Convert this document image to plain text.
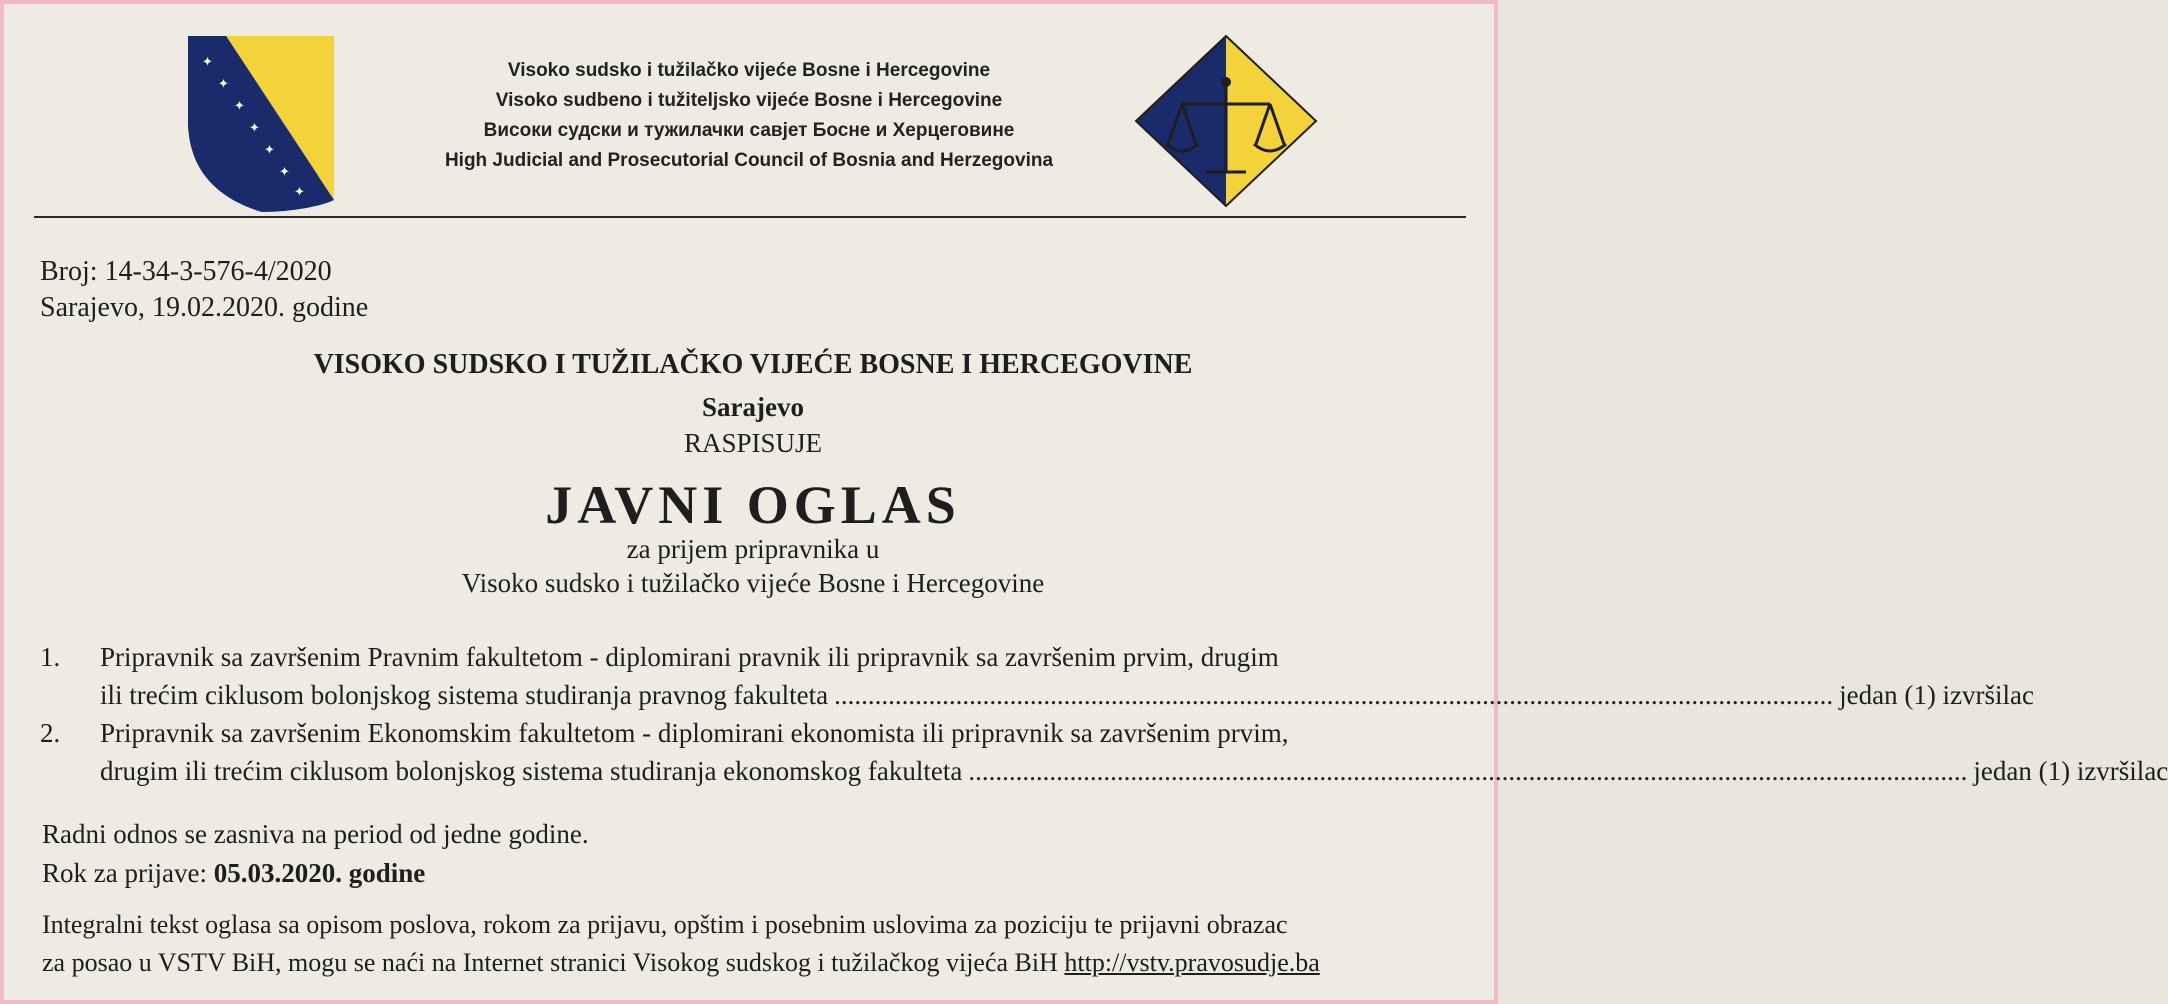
✦
✦
✦
✦
✦
✦
✦
Visoko sudsko i tužilačko vijeće Bosne i Hercegovine
Visoko sudbeno i tužiteljsko vijeće Bosne i Hercegovine
Високи судски и тужилачки савјет Босне и Херцеговине
High Judicial and Prosecutorial Council of Bosnia and Herzegovina
Broj: 14-34-3-576-4/2020
Sarajevo, 19.02.2020. godine
VISOKO SUDSKO I TUŽILAČKO VIJEĆE BOSNE I HERCEGOVINE
Sarajevo
RASPISUJE
JAVNI OGLAS
za prijem pripravnika u
Visoko sudsko i tužilačko vijeće Bosne i Hercegovine
1.	Pripravnik sa završenim Pravnim fakultetom - diplomirani pravnik ili pripravnik sa završenim prvim, drugim
ili trećim ciklusom bolonjskog sistema studiranja pravnog fakulteta .....	jedan (1) izvršilac
2.	Pripravnik sa završenim Ekonomskim fakultetom - diplomirani ekonomista ili pripravnik sa završenim prvim,
drugim ili trećim ciklusom bolonjskog sistema studiranja ekonomskog fakulteta .....	jedan (1) izvršilac
Radni odnos se zasniva na period od jedne godine.
Rok za prijave: 05.03.2020. godine
Integralni tekst oglasa sa opisom poslova, rokom za prijavu, opštim i posebnim uslovima za poziciju te prijavni obrazac
za posao u VSTV BiH, mogu se naći na Internet stranici Visokog sudskog i tužilačkog vijeća BiH http://vstv.pravosudje.ba
